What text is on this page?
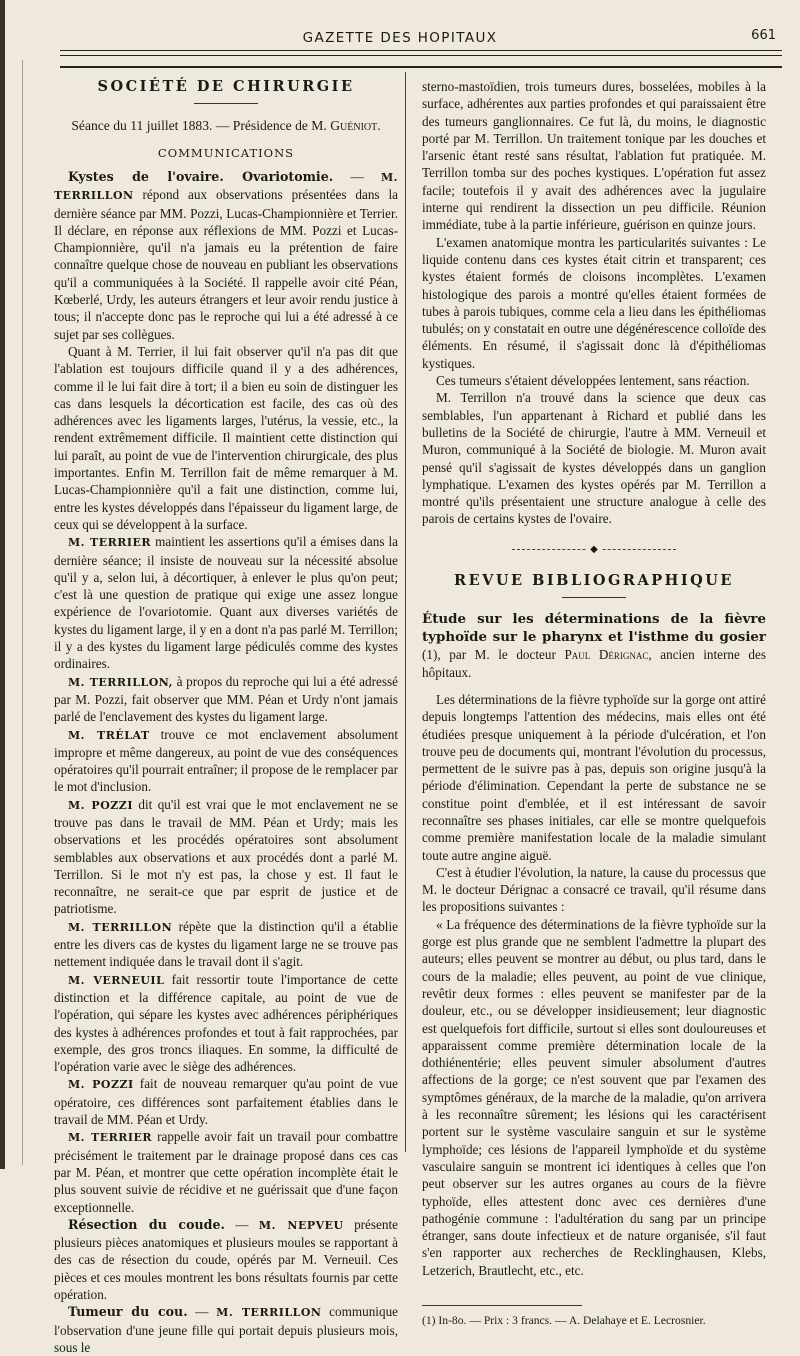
GAZETTE DES HOPITAUX	661
SOCIÉTÉ DE CHIRURGIE
Séance du 11 juillet 1883. — Présidence de M. Guéniot.
COMMUNICATIONS

Kystes de l'ovaire. Ovariotomie. — M. TERRILLON répond aux observations présentées dans la dernière séance par MM. Pozzi, Lucas-Championnière et Terrier. Il déclare, en réponse aux réflexions de MM. Pozzi et Lucas-Championnière, qu'il n'a jamais eu la prétention de faire connaître quelque chose de nouveau en publiant les observations qu'il a communiquées à la Société. Il rappelle avoir cité Péan, Kœberlé, Urdy, les auteurs étrangers et leur avoir rendu justice à tous; il n'accepte donc pas le reproche qui lui a été adressé à ce sujet par ses collègues.

Quant à M. Terrier, il lui fait observer qu'il n'a pas dit que l'ablation est toujours difficile quand il y a des adhérences, comme il le lui fait dire à tort; il a bien eu soin de distinguer les cas dans lesquels la décortication est facile, des cas où des adhérences avec les ligaments larges, l'utérus, la vessie, etc., la rendent extrêmement difficile. Il maintient cette distinction qui lui paraît, au point de vue de l'intervention chirurgicale, des plus importantes. Enfin M. Terrillon fait de même remarquer à M. Lucas-Championnière qu'il a fait une distinction, comme lui, entre les kystes développés dans l'épaisseur du ligament large, de ceux qui se développent à la surface.

M. TERRIER maintient les assertions qu'il a émises dans la dernière séance; il insiste de nouveau sur la nécessité absolue qu'il y a, selon lui, à décortiquer, à enlever le plus qu'on peut; c'est là une question de pratique qui exige une assez longue expérience de l'ovariotomie. Quant aux diverses variétés de kystes du ligament large, il y en a dont n'a pas parlé M. Terrillon; il y a des kystes du ligament large pédiculés comme des kystes ordinaires.

M. TERRILLON, à propos du reproche qui lui a été adressé par M. Pozzi, fait observer que MM. Péan et Urdy n'ont jamais parlé de l'enclavement des kystes du ligament large.

M. TRÉLAT trouve ce mot enclavement absolument impropre et même dangereux, au point de vue des conséquences opératoires qu'il pourrait entraîner; il propose de le remplacer par le mot d'inclusion.

M. POZZI dit qu'il est vrai que le mot enclavement ne se trouve pas dans le travail de MM. Péan et Urdy; mais les observations et les procédés opératoires sont absolument semblables aux observations et aux procédés dont a parlé M. Terrillon. Si le mot n'y est pas, la chose y est. Il faut le reconnaître, ne serait-ce que par esprit de justice et de patriotisme.

M. TERRILLON répète que la distinction qu'il a établie entre les divers cas de kystes du ligament large ne se trouve pas nettement indiquée dans le travail dont il s'agit.

M. VERNEUIL fait ressortir toute l'importance de cette distinction et la différence capitale, au point de vue de l'opération, qui sépare les kystes avec adhérences périphériques des kystes à adhérences profondes et tout à fait rapprochées, par exemple, des gros troncs iliaques. En somme, la difficulté de l'opération varie avec le siège des adhérences.

M. POZZI fait de nouveau remarquer qu'au point de vue opératoire, ces différences sont parfaitement établies dans le travail de MM. Péan et Urdy.

M. TERRIER rappelle avoir fait un travail pour combattre précisément le traitement par le drainage proposé dans ces cas par M. Péan, et montrer que cette opération incomplète était le plus souvent suivie de récidive et ne guérissait que d'une façon exceptionnelle.

Résection du coude. — M. NEPVEU présente plusieurs pièces anatomiques et plusieurs moules se rapportant à des cas de résection du coude, opérés par M. Verneuil. Ces pièces et ces moules montrent les bons résultats fournis par cette opération.

Tumeur du cou. — M. TERRILLON communique l'observation d'une jeune fille qui portait depuis plusieurs mois, sous le

sterno-mastoïdien, trois tumeurs dures, bosselées, mobiles à la surface, adhérentes aux parties profondes et qui paraissaient être des tumeurs ganglionnaires. Ce fut là, du moins, le diagnostic porté par M. Terrillon. Un traitement tonique par les douches et l'arsenic étant resté sans résultat, l'ablation fut pratiquée. M. Terrillon tomba sur des poches kystiques. L'opération fut assez facile; toutefois il y avait des adhérences avec la jugulaire interne qui rendirent la dissection un peu difficile. Réunion immédiate, tube à la partie inférieure, guérison en quinze jours.

L'examen anatomique montra les particularités suivantes : Le liquide contenu dans ces kystes était citrin et transparent; ces kystes étaient formés de cloisons incomplètes. L'examen histologique des parois a montré qu'elles étaient formées de tubes à parois tubiques, comme cela a lieu dans les épithéliomas tubulés; on y constatait en outre une dégénérescence colloïde des éléments. En résumé, il s'agissait donc là d'épithéliomas kystiques.

Ces tumeurs s'étaient développées lentement, sans réaction.

M. Terrillon n'a trouvé dans la science que deux cas semblables, l'un appartenant à Richard et publié dans les bulletins de la Société de chirurgie, l'autre à MM. Verneuil et Muron, communiqué à la Société de biologie. M. Muron avait pensé qu'il s'agissait de kystes développés dans un ganglion lymphatique. L'examen des kystes opérés par M. Terrillon a montré qu'ils présentaient une structure analogue à celle des parois de certains kystes de l'ovaire.

◆
REVUE BIBLIOGRAPHIQUE

Étude sur les déterminations de la fièvre typhoïde sur le pharynx et l'isthme du gosier (1), par M. le docteur Paul Dérignac, ancien interne des hôpitaux.

Les déterminations de la fièvre typhoïde sur la gorge ont attiré depuis longtemps l'attention des médecins, mais elles ont été étudiées presque uniquement à la période d'ulcération, et l'on trouve peu de documents qui, montrant l'évolution du processus, permettent de le suivre pas à pas, depuis son origine jusqu'à la période d'élimination. Cependant la perte de substance ne se constitue point d'emblée, et il est intéressant de savoir reconnaître ses phases initiales, car elle se montre quelquefois comme première manifestation locale de la maladie simulant toute autre angine aiguë.

C'est à étudier l'évolution, la nature, la cause du processus que M. le docteur Dérignac a consacré ce travail, qu'il résume dans les propositions suivantes :

« La fréquence des déterminations de la fièvre typhoïde sur la gorge est plus grande que ne semblent l'admettre la plupart des auteurs; elles peuvent se montrer au début, ou plus tard, dans le cours de la maladie; elles peuvent, au point de vue clinique, revêtir deux formes : elles peuvent se manifester par de la douleur, etc., ou se développer insidieusement; leur diagnostic est quelquefois fort difficile, surtout si elles sont douloureuses et apparaissent comme première détermination locale de la dothiénentérie; elles peuvent simuler absolument d'autres affections de la gorge; ce n'est souvent que par l'examen des symptômes généraux, de la marche de la maladie, qu'on arrivera à les reconnaître sûrement; les lésions qui les caractérisent portent sur le système vasculaire sanguin et sur le système lymphoïde; ces lésions de l'appareil lymphoïde et du système vasculaire sanguin se montrent ici identiques à celles que l'on peut observer sur les autres organes au cours de la fièvre typhoïde, elles attestent donc avec ces dernières d'une pathogénie commune : l'adultération du sang par un principe étranger, sans doute infectieux et de nature organisée, s'il faut s'en rapporter aux recherches de Recklinghausen, Klebs, Letzerich, Brautlecht, etc., etc.

(1) In-8o. — Prix : 3 francs. — A. Delahaye et E. Lecrosnier.
